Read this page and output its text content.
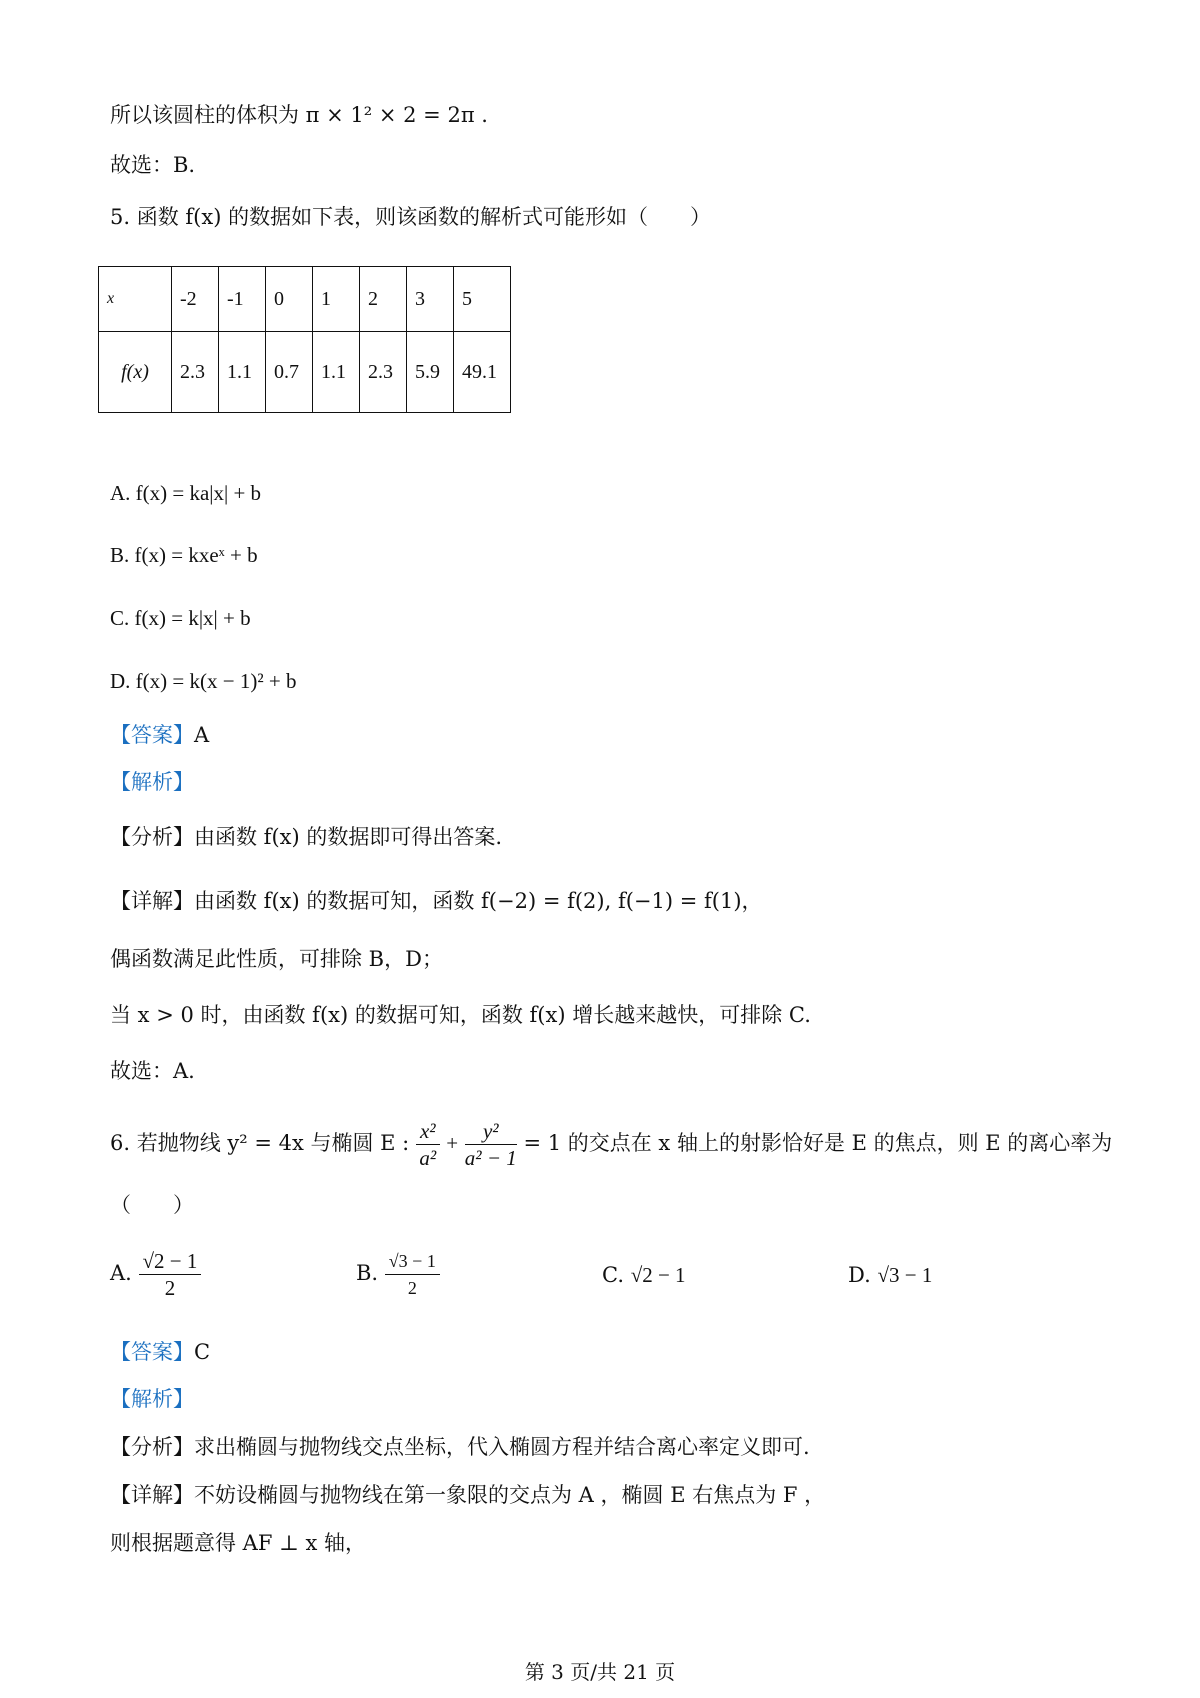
所以该圆柱的体积为 π × 1² × 2 = 2π .
故选：B.
5. 函数 f(x) 的数据如下表，则该函数的解析式可能形如（　　）
x	-2	-1	0	1	2	3	5
f(x)	2.3	1.1	0.7	1.1	2.3	5.9	49.1
A. f(x) = ka|x| + b
B. f(x) = kxeˣ + b
C. f(x) = k|x| + b
D. f(x) = k(x − 1)² + b
【答案】A
【解析】
【分析】由函数 f(x) 的数据即可得出答案.
【详解】由函数 f(x) 的数据可知，函数 f(−2) = f(2), f(−1) = f(1)，
偶函数满足此性质，可排除 B，D；
当 x > 0 时，由函数 f(x) 的数据可知，函数 f(x) 增长越来越快，可排除 C.
故选：A.
6. 若抛物线 y² = 4x 与椭圆 E : $\frac{\text{x²}}{\text{a²}} + \frac{\text{y²}}{\text{a² − 1}} = 1$ 的交点在 x 轴上的射影恰好是 E 的焦点，则 E 的离心率为
（　　）
A. $\frac{√2 - 1}{2}$	B. $\frac{√3 - 1}{2}$	C. √2 − 1	D. √3 − 1
【答案】C
【解析】
【分析】求出椭圆与抛物线交点坐标，代入椭圆方程并结合离心率定义即可.
【详解】不妨设椭圆与抛物线在第一象限的交点为 A ，椭圆 E 右焦点为 F ，
则根据题意得 AF ⊥ x 轴，
第 3 页/共 21 页
